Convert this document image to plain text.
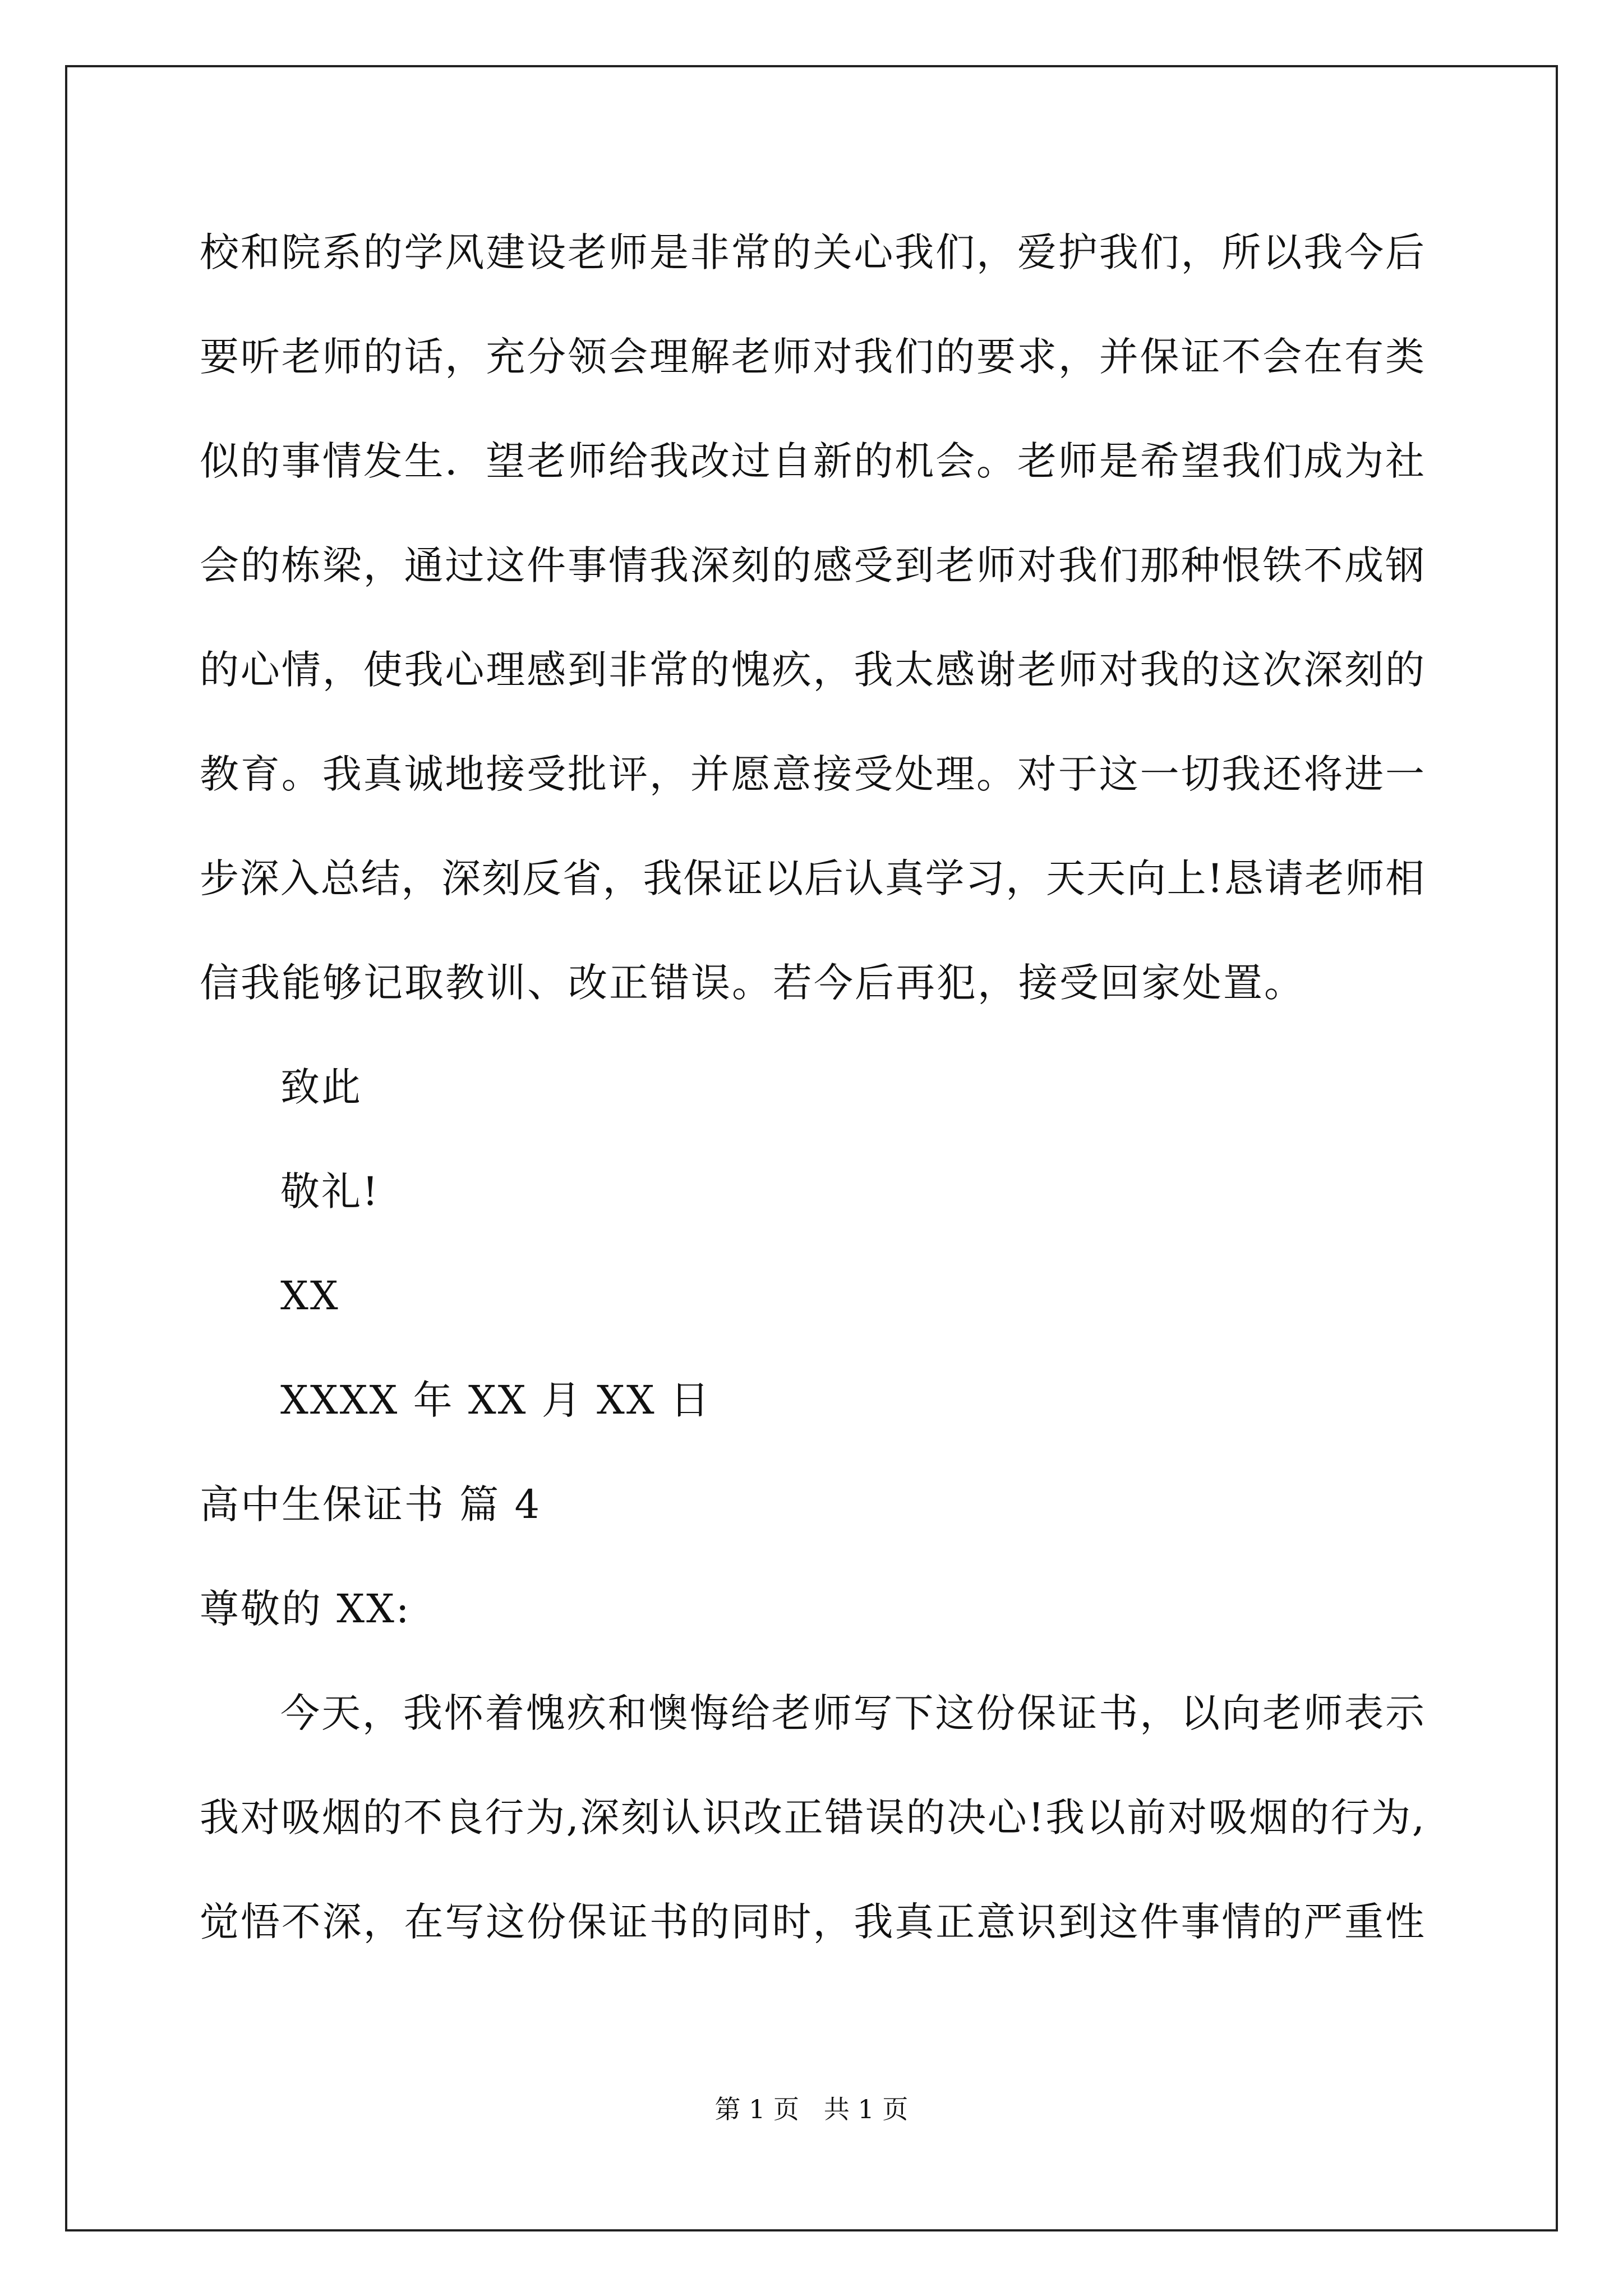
校和院系的学风建设老师是非常的关心我们，爱护我们，所以我今后
要听老师的话，充分领会理解老师对我们的要求，并保证不会在有类
似的事情发生．望老师给我改过自新的机会。老师是希望我们成为社
会的栋梁，通过这件事情我深刻的感受到老师对我们那种恨铁不成钢
的心情，使我心理感到非常的愧疚，我太感谢老师对我的这次深刻的
教育。我真诚地接受批评，并愿意接受处理。对于这一切我还将进一
步深入总结，深刻反省，我保证以后认真学习，天天向上!恳请老师相
信我能够记取教训、改正错误。若今后再犯，接受回家处置。
致此
敬礼!
XX
XXXX 年 XX 月 XX 日
高中生保证书 篇 4
尊敬的 XX:
今天，我怀着愧疚和懊悔给老师写下这份保证书，以向老师表示
我对吸烟的不良行为,深刻认识改正错误的决心!我以前对吸烟的行为,
觉悟不深，在写这份保证书的同时，我真正意识到这件事情的严重性
第 1 页   共 1 页
